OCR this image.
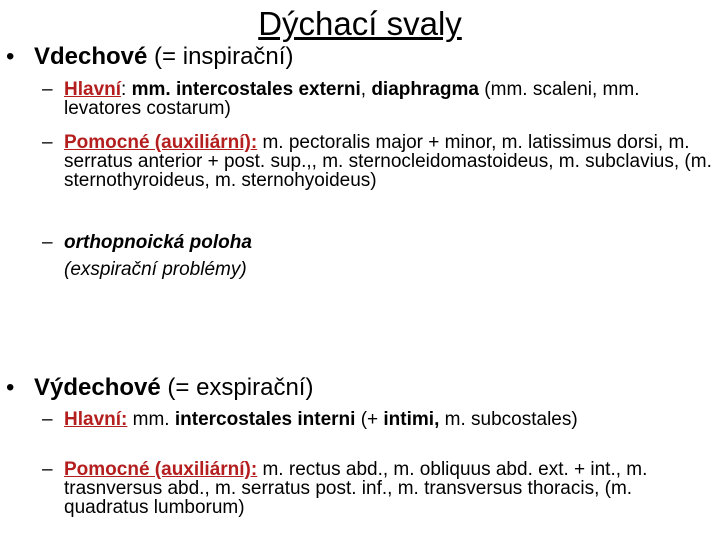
Dýchací svaly
• Vdechové (= inspirační)
– Hlavní: mm. intercostales externi, diaphragma (mm. scaleni, mm. levatores costarum)
– Pomocné (auxiliární): m. pectoralis major + minor, m. latissimus dorsi, m. serratus anterior + post. sup.,, m. sternocleidomastoideus, m. subclavius, (m. sternothyroideus, m. sternohyoideus)
– orthopnoická poloha
(exspirační problémy)
• Výdechové (= exspirační)
– Hlavní: mm. intercostales interni (+ intimi, m. subcostales)
– Pomocné (auxiliární): m. rectus abd., m. obliquus abd. ext. + int., m. trasnversus abd., m. serratus post. inf., m. transversus thoracis, (m. quadratus lumborum)
